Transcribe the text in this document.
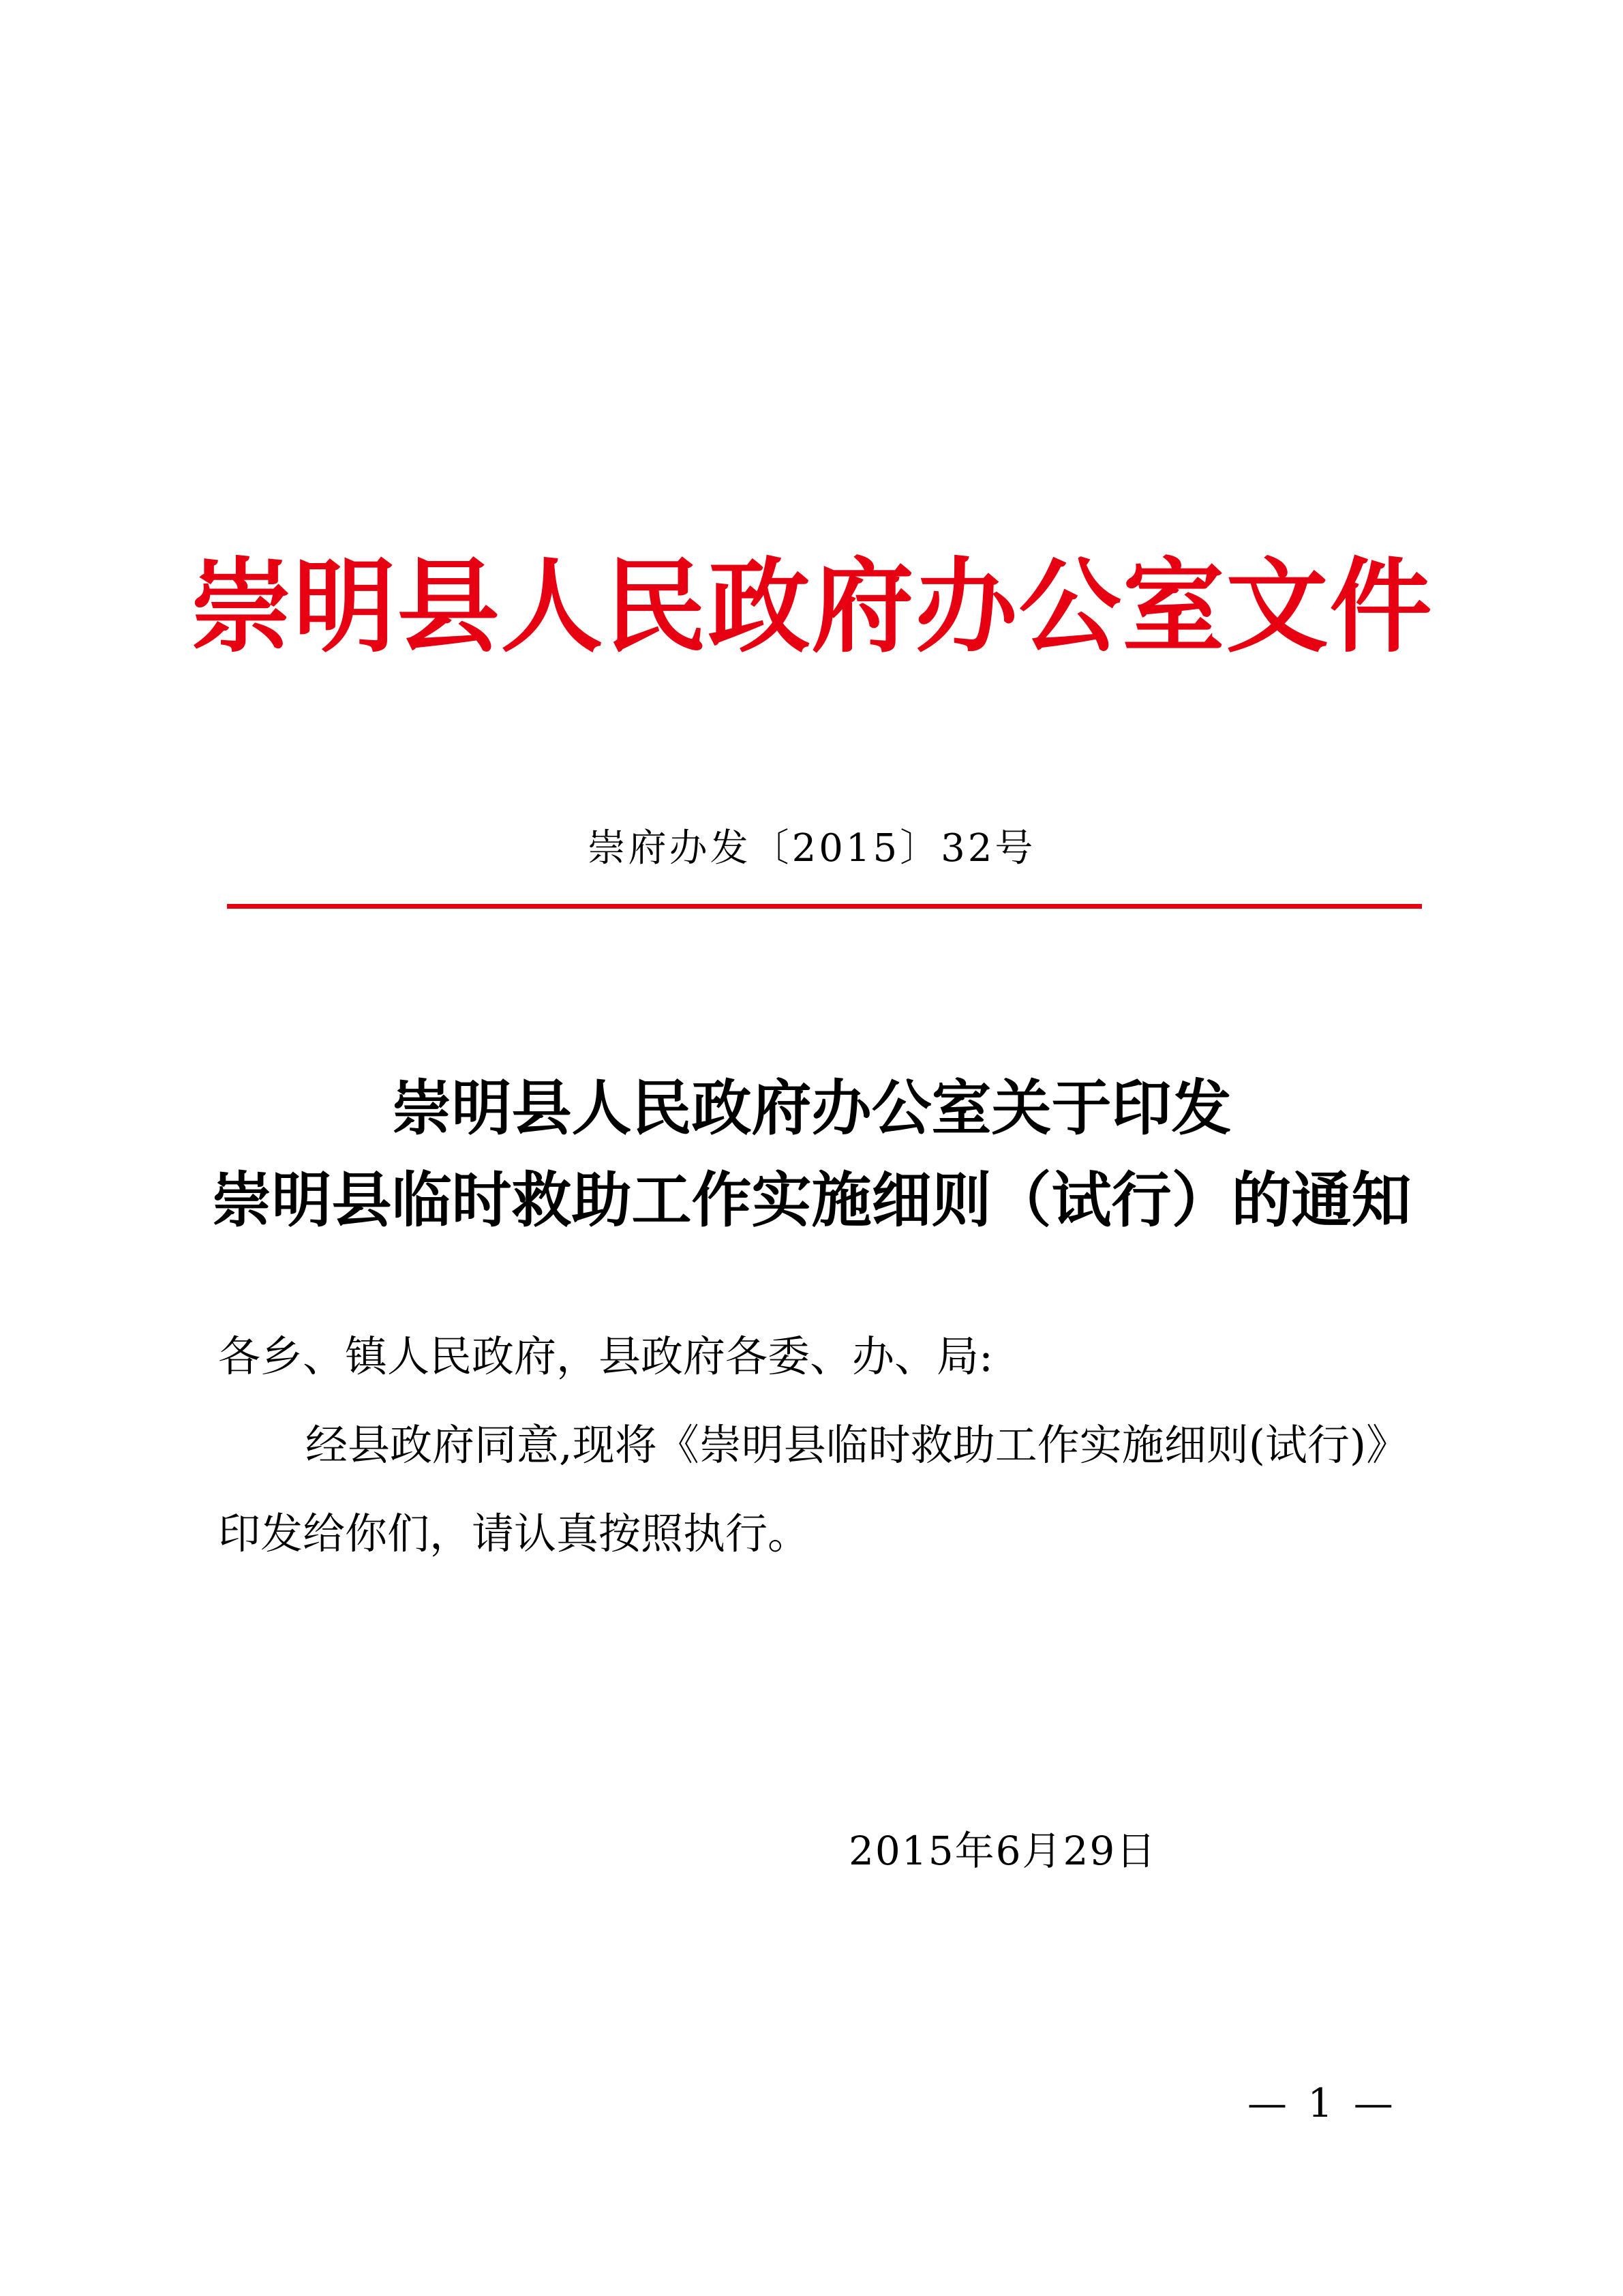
崇明县人民政府办公室文件
崇府办发〔2015〕32号
崇明县人民政府办公室关于印发
崇明县临时救助工作实施细则（试行）的通知
各乡、镇人民政府，县政府各委、办、局:
经县政府同意,现将《崇明县临时救助工作实施细则(试行)》
印发给你们，请认真按照执行。
2015年6月29日
— 1 —
